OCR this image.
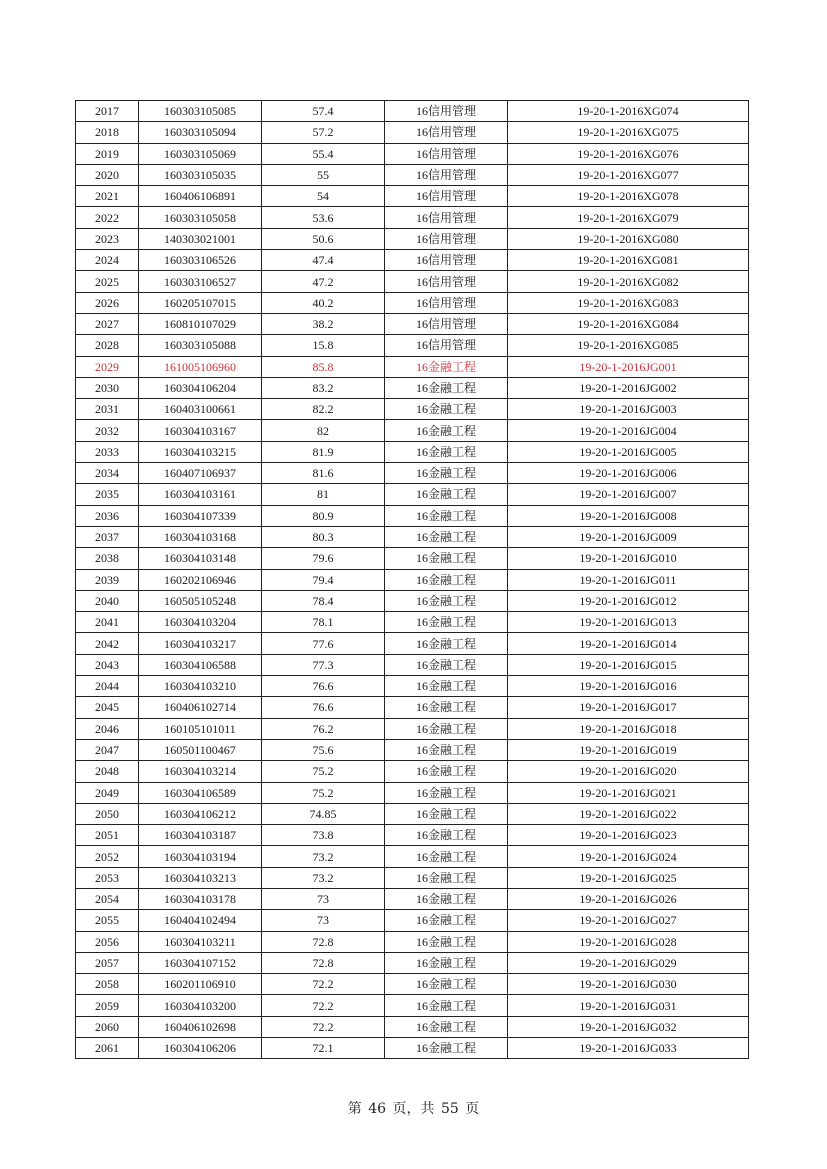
2017	160303105085	57.4	16信用管理	19-20-1-2016XG074
2018	160303105094	57.2	16信用管理	19-20-1-2016XG075
2019	160303105069	55.4	16信用管理	19-20-1-2016XG076
2020	160303105035	55	16信用管理	19-20-1-2016XG077
2021	160406106891	54	16信用管理	19-20-1-2016XG078
2022	160303105058	53.6	16信用管理	19-20-1-2016XG079
2023	140303021001	50.6	16信用管理	19-20-1-2016XG080
2024	160303106526	47.4	16信用管理	19-20-1-2016XG081
2025	160303106527	47.2	16信用管理	19-20-1-2016XG082
2026	160205107015	40.2	16信用管理	19-20-1-2016XG083
2027	160810107029	38.2	16信用管理	19-20-1-2016XG084
2028	160303105088	15.8	16信用管理	19-20-1-2016XG085
2029	161005106960	85.8	16金融工程	19-20-1-2016JG001
2030	160304106204	83.2	16金融工程	19-20-1-2016JG002
2031	160403100661	82.2	16金融工程	19-20-1-2016JG003
2032	160304103167	82	16金融工程	19-20-1-2016JG004
2033	160304103215	81.9	16金融工程	19-20-1-2016JG005
2034	160407106937	81.6	16金融工程	19-20-1-2016JG006
2035	160304103161	81	16金融工程	19-20-1-2016JG007
2036	160304107339	80.9	16金融工程	19-20-1-2016JG008
2037	160304103168	80.3	16金融工程	19-20-1-2016JG009
2038	160304103148	79.6	16金融工程	19-20-1-2016JG010
2039	160202106946	79.4	16金融工程	19-20-1-2016JG011
2040	160505105248	78.4	16金融工程	19-20-1-2016JG012
2041	160304103204	78.1	16金融工程	19-20-1-2016JG013
2042	160304103217	77.6	16金融工程	19-20-1-2016JG014
2043	160304106588	77.3	16金融工程	19-20-1-2016JG015
2044	160304103210	76.6	16金融工程	19-20-1-2016JG016
2045	160406102714	76.6	16金融工程	19-20-1-2016JG017
2046	160105101011	76.2	16金融工程	19-20-1-2016JG018
2047	160501100467	75.6	16金融工程	19-20-1-2016JG019
2048	160304103214	75.2	16金融工程	19-20-1-2016JG020
2049	160304106589	75.2	16金融工程	19-20-1-2016JG021
2050	160304106212	74.85	16金融工程	19-20-1-2016JG022
2051	160304103187	73.8	16金融工程	19-20-1-2016JG023
2052	160304103194	73.2	16金融工程	19-20-1-2016JG024
2053	160304103213	73.2	16金融工程	19-20-1-2016JG025
2054	160304103178	73	16金融工程	19-20-1-2016JG026
2055	160404102494	73	16金融工程	19-20-1-2016JG027
2056	160304103211	72.8	16金融工程	19-20-1-2016JG028
2057	160304107152	72.8	16金融工程	19-20-1-2016JG029
2058	160201106910	72.2	16金融工程	19-20-1-2016JG030
2059	160304103200	72.2	16金融工程	19-20-1-2016JG031
2060	160406102698	72.2	16金融工程	19-20-1-2016JG032
2061	160304106206	72.1	16金融工程	19-20-1-2016JG033
第 46 页，共 55 页
